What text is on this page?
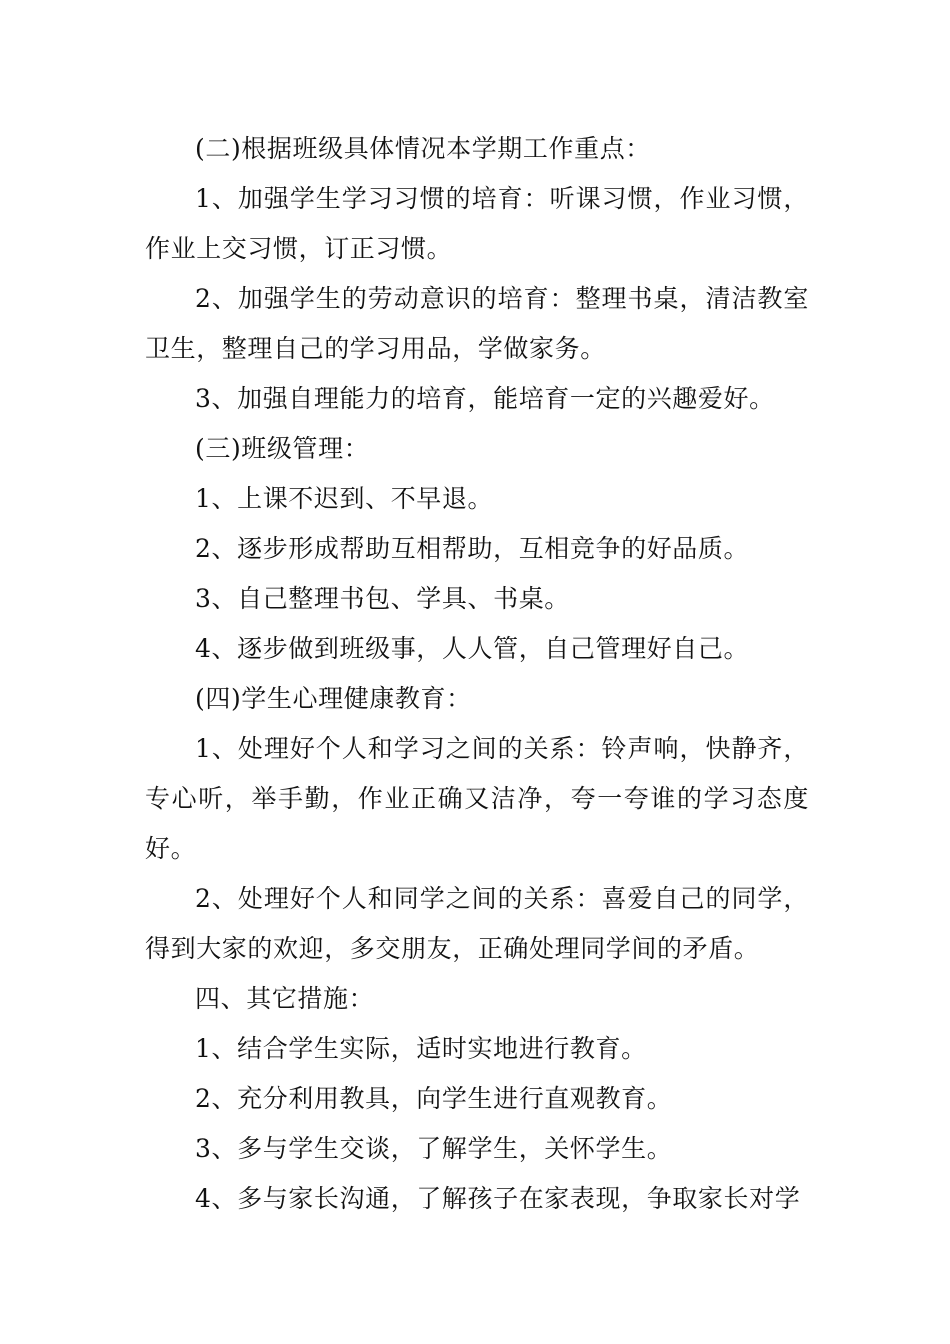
(二)根据班级具体情况本学期工作重点：

1、加强学生学习习惯的培育：听课习惯，作业习惯，作业上交习惯，订正习惯。

2、加强学生的劳动意识的培育：整理书桌，清洁教室卫生，整理自己的学习用品，学做家务。

3、加强自理能力的培育，能培育一定的兴趣爱好。

(三)班级管理：

1、上课不迟到、不早退。

2、逐步形成帮助互相帮助，互相竞争的好品质。

3、自己整理书包、学具、书桌。

4、逐步做到班级事，人人管，自己管理好自己。

(四)学生心理健康教育：

1、处理好个人和学习之间的关系：铃声响，快静齐，专心听，举手勤，作业正确又洁净，夸一夸谁的学习态度好。

2、处理好个人和同学之间的关系：喜爱自己的同学，得到大家的欢迎，多交朋友，正确处理同学间的矛盾。

四、其它措施：

1、结合学生实际，适时实地进行教育。

2、充分利用教具，向学生进行直观教育。

3、多与学生交谈，了解学生，关怀学生。

4、多与家长沟通，了解孩子在家表现，争取家长对学
